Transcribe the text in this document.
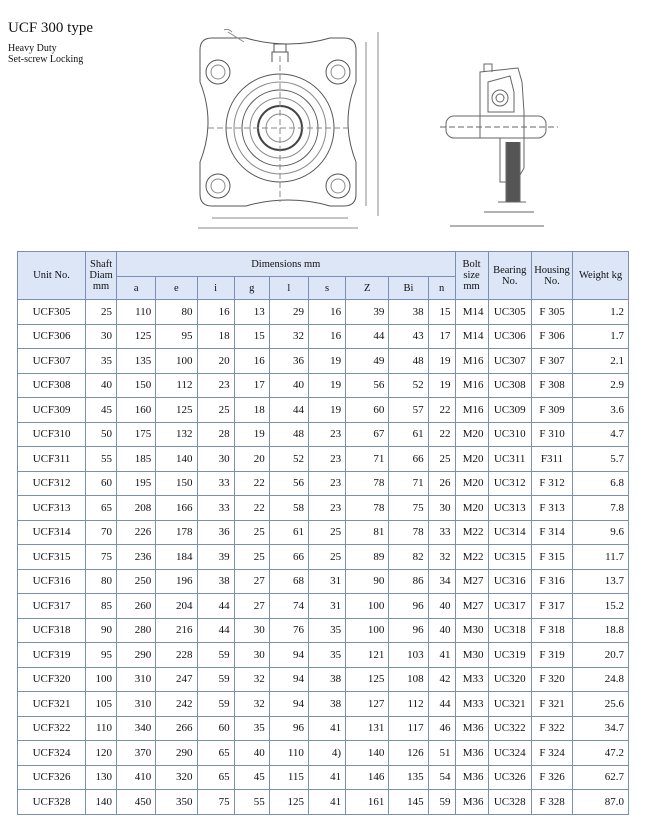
UCF 300 type
Heavy Duty
Set-screw Locking
Unit No.	Shaft Diam mm	Dimensions mm									Bolt size mm	Bearing No.	Housing No.	Weight kg
		a	e	i	g	l	s	Z	Bi	n				
UCF305	25	110	80	16	13	29	16	39	38	15	M14	UC305	F 305	1.2
UCF306	30	125	95	18	15	32	16	44	43	17	M14	UC306	F 306	1.7
UCF307	35	135	100	20	16	36	19	49	48	19	M16	UC307	F 307	2.1
UCF308	40	150	112	23	17	40	19	56	52	19	M16	UC308	F 308	2.9
UCF309	45	160	125	25	18	44	19	60	57	22	M16	UC309	F 309	3.6
UCF310	50	175	132	28	19	48	23	67	61	22	M20	UC310	F 310	4.7
UCF311	55	185	140	30	20	52	23	71	66	25	M20	UC311	F311	5.7
UCF312	60	195	150	33	22	56	23	78	71	26	M20	UC312	F 312	6.8
UCF313	65	208	166	33	22	58	23	78	75	30	M20	UC313	F 313	7.8
UCF314	70	226	178	36	25	61	25	81	78	33	M22	UC314	F 314	9.6
UCF315	75	236	184	39	25	66	25	89	82	32	M22	UC315	F 315	11.7
UCF316	80	250	196	38	27	68	31	90	86	34	M27	UC316	F 316	13.7
UCF317	85	260	204	44	27	74	31	100	96	40	M27	UC317	F 317	15.2
UCF318	90	280	216	44	30	76	35	100	96	40	M30	UC318	F 318	18.8
UCF319	95	290	228	59	30	94	35	121	103	41	M30	UC319	F 319	20.7
UCF320	100	310	247	59	32	94	38	125	108	42	M33	UC320	F 320	24.8
UCF321	105	310	242	59	32	94	38	127	112	44	M33	UC321	F 321	25.6
UCF322	110	340	266	60	35	96	41	131	117	46	M36	UC322	F 322	34.7
UCF324	120	370	290	65	40	110	4)	140	126	51	M36	UC324	F 324	47.2
UCF326	130	410	320	65	45	115	41	146	135	54	M36	UC326	F 326	62.7
UCF328	140	450	350	75	55	125	41	161	145	59	M36	UC328	F 328	87.0
